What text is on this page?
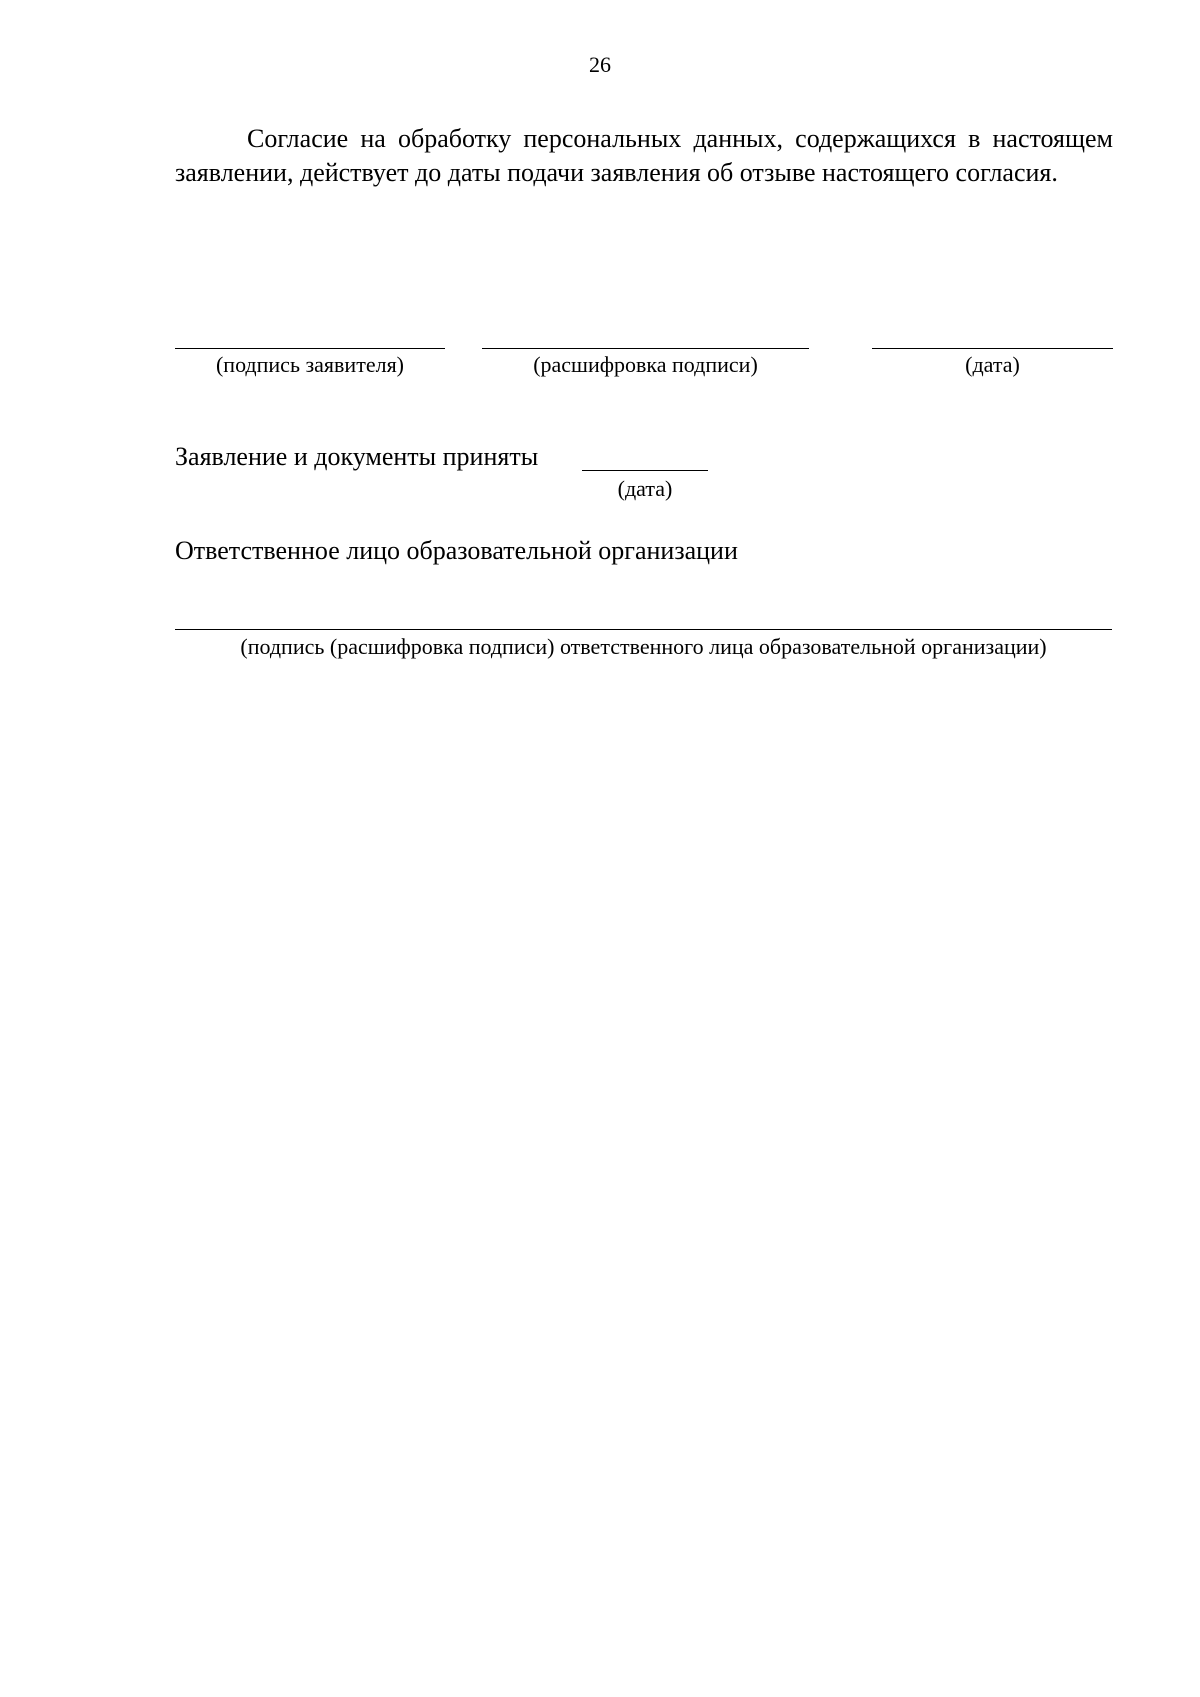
26

Согласие на обработку персональных данных, содержащихся в настоящем заявлении, действует до даты подачи заявления об отзыве настоящего согласия.

(подпись заявителя)	(расшифровка подписи)	(дата)
Заявление и документы приняты
(дата)
Ответственное лицо образовательной организации
(подпись (расшифровка подписи) ответственного лица образовательной организации)
